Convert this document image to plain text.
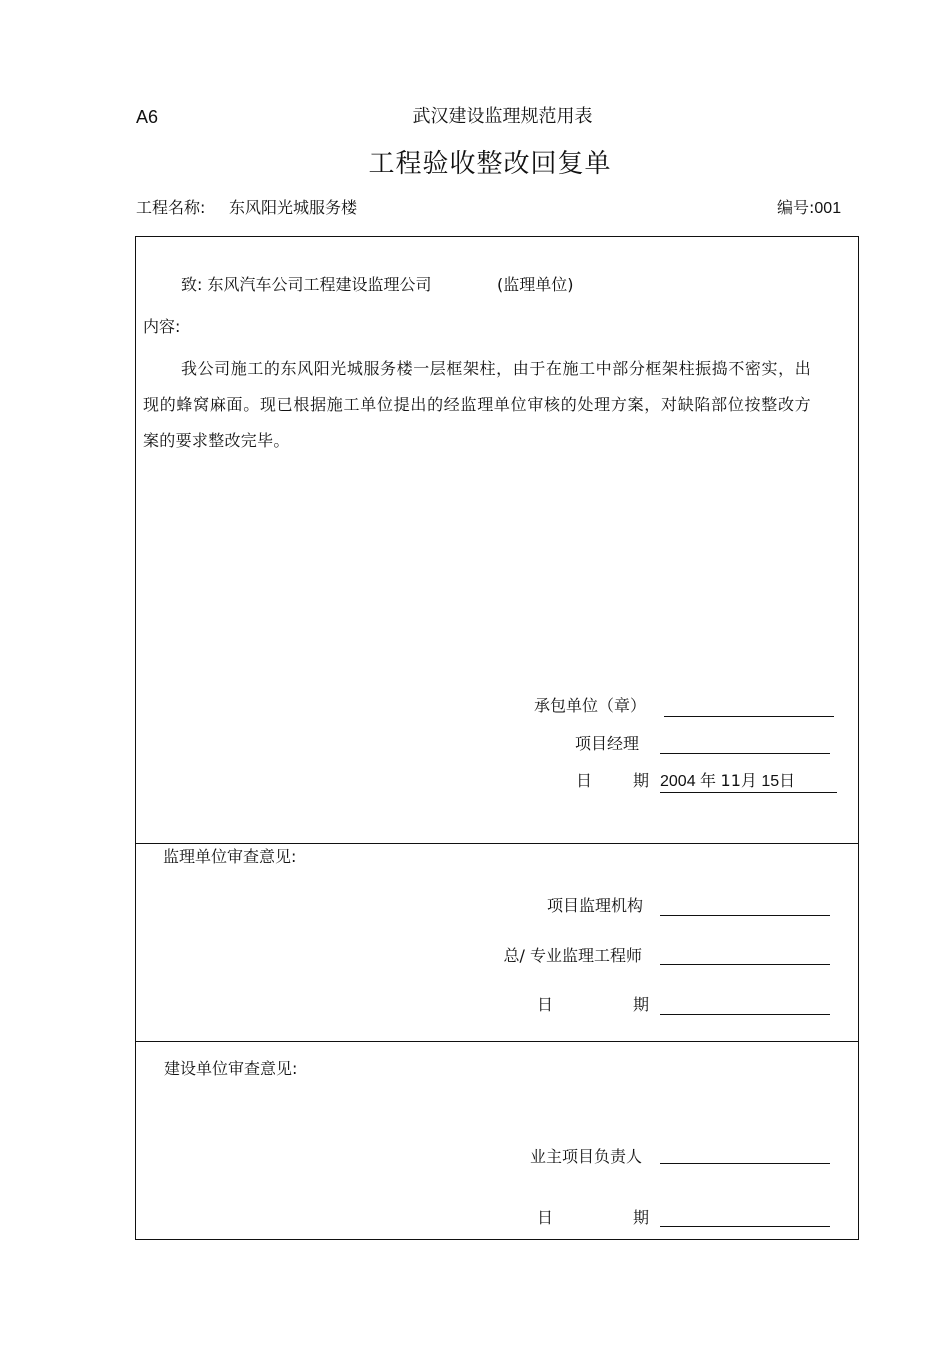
A6	武汉建设监理规范用表
工程验收整改回复单
工程名称: 东风阳光城服务楼	编号:001
致: 东风汽车公司工程建设监理公司	(监理单位)
内容:
我公司施工的东风阳光城服务楼一层框架柱，由于在施工中部分框架柱振捣不密实，出现的蜂窝麻面。现已根据施工单位提出的经监理单位审核的处理方案，对缺陷部位按整改方案的要求整改完毕。
承包单位（章）
项目经理
日	期 2004 年 11月 15日
监理单位审查意见:
项目监理机构
总/ 专业监理工程师
日	期
建设单位审查意见:
业主项目负责人
日	期
